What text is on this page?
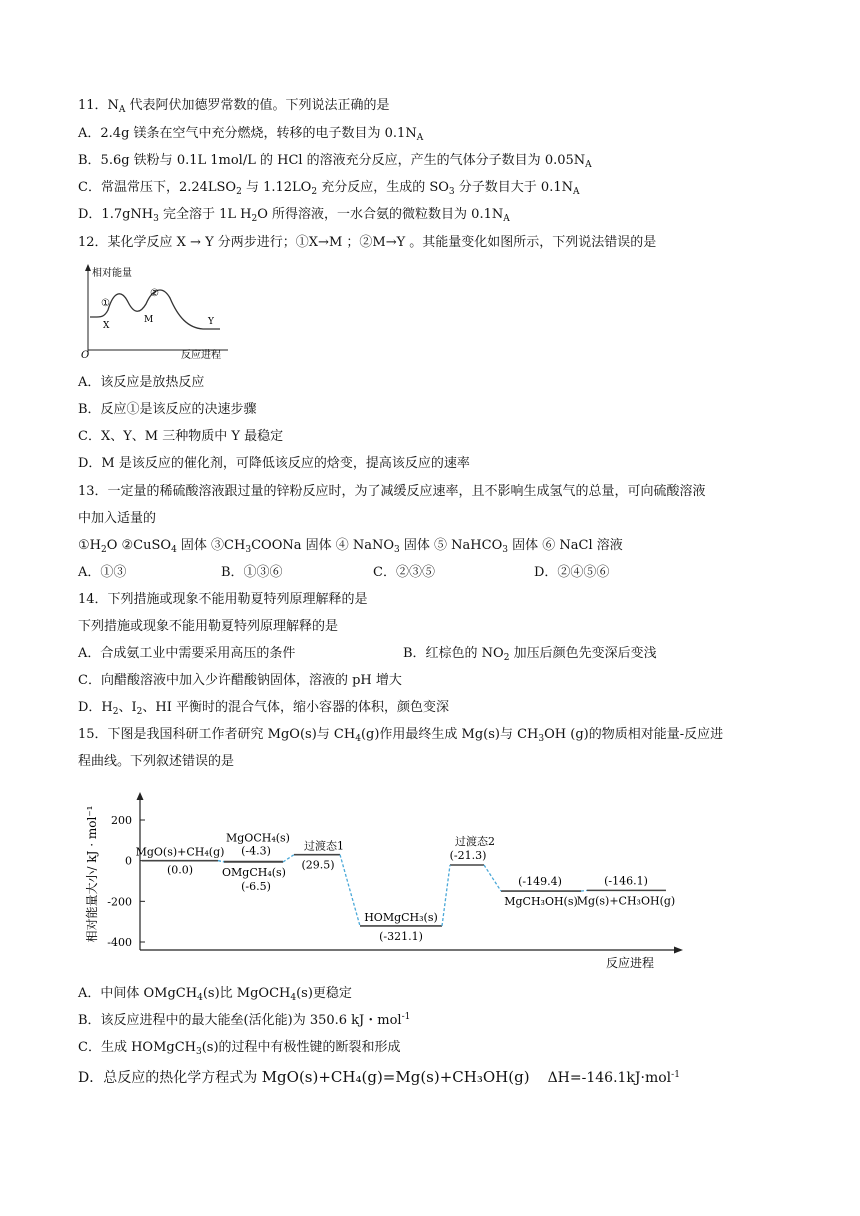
11．$N_A$ 代表阿伏加德罗常数的值。下列说法正确的是
A．2.4g 镁条在空气中充分燃烧，转移的电子数目为 $0.1N_A$
B．5.6g 铁粉与 0.1L 1mol/L 的 HCl 的溶液充分反应，产生的气体分子数目为 $0.05N_A$
C．常温常压下，$2.24LSO_2$ 与 $1.12LO_2$ 充分反应，生成的 $SO_3$ 分子数目大于 $0.1N_A$
D．1.7gNH$_3$ 完全溶于 1L $H_2O$ 所得溶液，一水合氨的微粒数目为 $0.1N_A$
12．某化学反应 X → Y 分两步进行；①X→M ；②M→Y 。其能量变化如图所示，下列说法错误的是
相对能量
O	反应进程
①
②
X
M	Y
A．该反应是放热反应
B．反应①是该反应的决速步骤
C．X、Y、M 三种物质中 Y 最稳定
D．M 是该反应的催化剂，可降低该反应的焓变，提高该反应的速率
13．一定量的稀硫酸溶液跟过量的锌粉反应时，为了减缓反应速率，且不影响生成氢气的总量，可向硫酸溶液
中加入适量的
$①H_2O$ ②CuSO$_4$ 固体 $③CH_3COONa$ 固体 ④ NaNO$_3$ 固体 ⑤ NaHCO$_3$ 固体 ⑥ NaCl 溶液
A．①③	B．①③⑥	C．②③⑤	D．②④⑤⑥
14．下列措施或现象不能用勒夏特列原理解释的是
下列措施或现象不能用勒夏特列原理解释的是
A．合成氨工业中需要采用高压的条件	B．红棕色的 $NO_2$ 加压后颜色先变深后变浅
C．向醋酸溶液中加入少许醋酸钠固体，溶液的 pH 增大
D．$H_2$、$I_2$、HI 平衡时的混合气体，缩小容器的体积，颜色变深
15．下图是我国科研工作者研究 MgO(s)与 $CH_4(g)$作用最终生成 Mg(s)与 $CH_3OH$ (g)的物质相对能量-反应进
程曲线。下列叙述错误的是
相对能量大小/ kJ · mol⁻¹
反应进程
200
0
-200
-400
MgO(s)+CH₄(g)
(0.0)
MgOCH₄(s)
(-4.3)
OMgCH₄(s)
(-6.5)
过渡态1
(29.5)
HOMgCH₃(s)
(-321.1)
过渡态2
(-21.3)
MgCH₃OH(s)
(-149.4)
Mg(s)+CH₃OH(g)
(-146.1)
A．中间体 OMgCH$_4$(s)比 MgOCH$_4$(s)更稳定
B．该反应进程中的最大能垒(活化能)为 350.6 kJ・mol$^{-1}$
C．生成 HOMgCH$_3$(s)的过程中有极性键的断裂和形成
D．总反应的热化学方程式为 MgO(s)+CH₄(g)=Mg(s)+CH₃OH(g) ΔH=-146.1kJ·mol$^{-1}$
